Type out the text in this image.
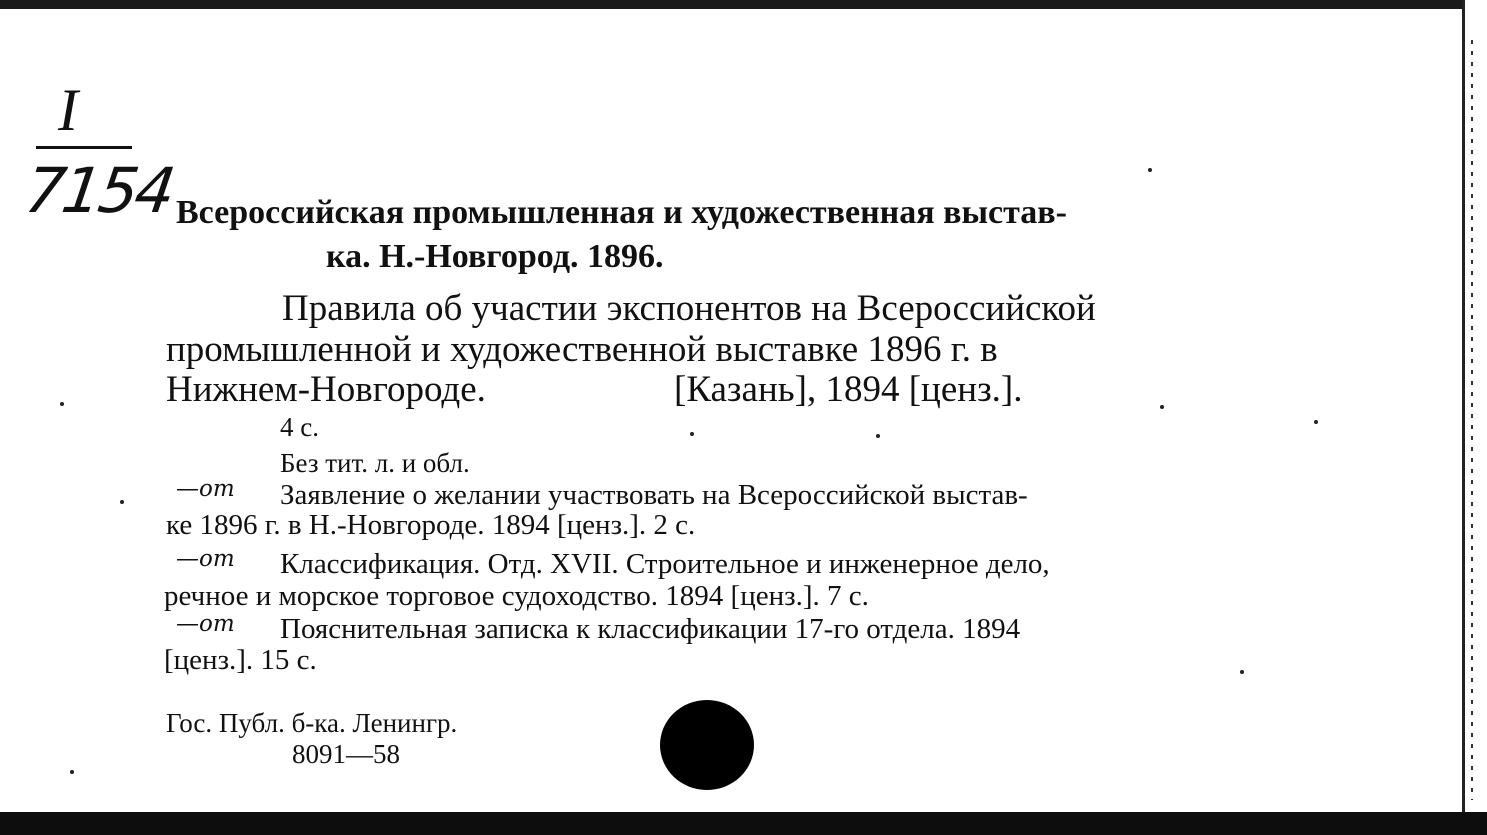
I
7154 Всероссийская промышленная и художественная выстав-
ка. Н.-Новгород. 1896.
Правила об участии экспонентов на Всероссийской
промышленной и художественной выставке 1896 г. в
Нижнем-Новгороде.	[Казань], 1894 [ценз.].
4 с.
Без тит. л. и обл.
—от Заявление о желании участвовать на Всероссийской выстав-
ке 1896 г. в Н.-Новгороде. 1894 [ценз.]. 2 с.
—от Классификация. Отд. XVII. Строительное и инженерное дело,
речное и морское торговое судоходство. 1894 [ценз.]. 7 с.
—от Пояснительная записка к классификации 17-го отдела. 1894
[ценз.]. 15 с.
Гос. Публ. б-ка. Ленингр.
8091—58
